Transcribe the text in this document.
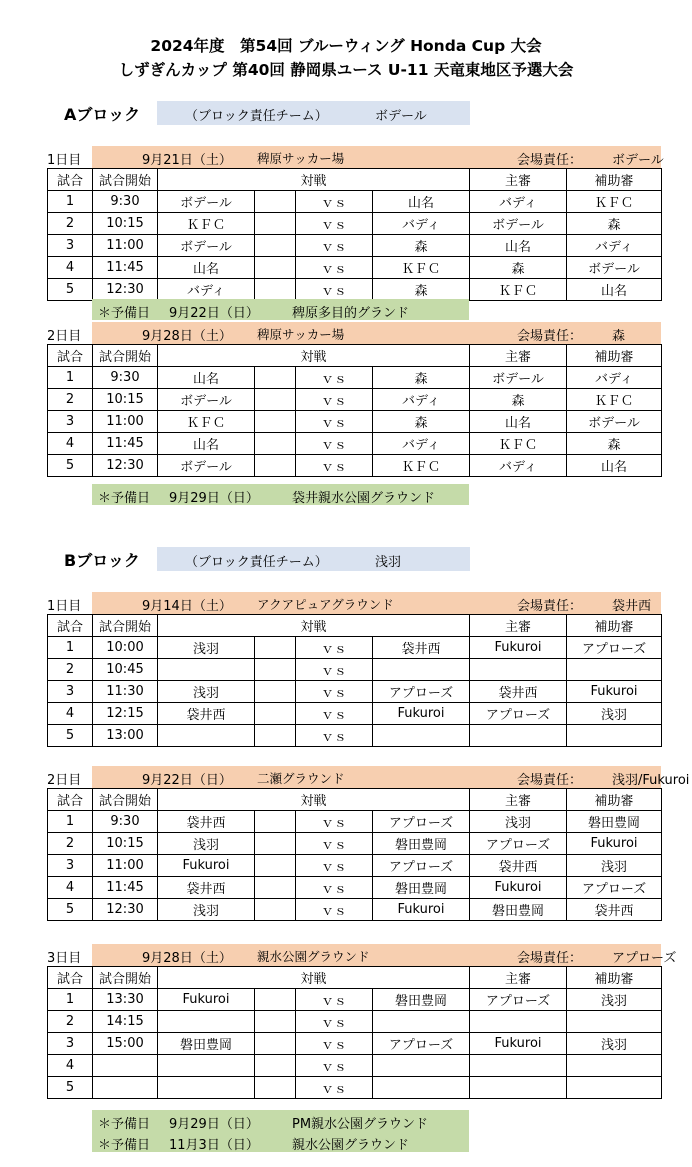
2024年度　第54回 ブルーウィング Honda Cup 大会
しずぎんカップ 第40回 静岡県ユース U-11 天竜東地区予選大会
Aブロック	（ブロック責任チーム）	ボデール
9月21日（土） 稗原サッカー場	会場責任： ボデール
1日目
試合	試合開始	対戦				主審	補助審
1	9:30	ボデール		ｖｓ	山名	バディ	ＫＦＣ
2	10:15	ＫＦＣ		ｖｓ	バディ	ボデール	森
3	11:00	ボデール		ｖｓ	森	山名	バディ
4	11:45	山名		ｖｓ	ＫＦＣ	森	ボデール
5	12:30	バディ		ｖｓ	森	ＫＦＣ	山名
＊予備日 9月22日（日）	稗原多目的グランド
9月28日（土） 稗原サッカー場	会場責任： 森
2日目
試合	試合開始	対戦				主審	補助審
1	9:30	山名		ｖｓ	森	ボデール	バディ
2	10:15	ボデール		ｖｓ	バディ	森	ＫＦＣ
3	11:00	ＫＦＣ		ｖｓ	森	山名	ボデール
4	11:45	山名		ｖｓ	バディ	ＫＦＣ	森
5	12:30	ボデール		ｖｓ	ＫＦＣ	バディ	山名
＊予備日 9月29日（日）	袋井親水公園グラウンド
Bブロック	（ブロック責任チーム）	浅羽
9月14日（土） アクアピュアグラウンド	会場責任： 袋井西
1日目
試合	試合開始	対戦				主審	補助審
1	10:00	浅羽		ｖｓ	袋井西	Fukuroi	アプローズ
2	10:45			ｖｓ			
3	11:30	浅羽		ｖｓ	アプローズ	袋井西	Fukuroi
4	12:15	袋井西		ｖｓ	Fukuroi	アプローズ	浅羽
5	13:00			ｖｓ			
9月22日（日） 二瀬グラウンド	会場責任： 浅羽/Fukuroi
2日目
試合	試合開始	対戦				主審	補助審
1	9:30	袋井西		ｖｓ	アプローズ	浅羽	磐田豊岡
2	10:15	浅羽		ｖｓ	磐田豊岡	アプローズ	Fukuroi
3	11:00	Fukuroi		ｖｓ	アプローズ	袋井西	浅羽
4	11:45	袋井西		ｖｓ	磐田豊岡	Fukuroi	アプローズ
5	12:30	浅羽		ｖｓ	Fukuroi	磐田豊岡	袋井西
9月28日（土） 親水公園グラウンド	会場責任： アプローズ
3日目
試合	試合開始	対戦				主審	補助審
1	13:30	Fukuroi		ｖｓ	磐田豊岡	アプローズ	浅羽
2	14:15			ｖｓ			
3	15:00	磐田豊岡		ｖｓ	アプローズ	Fukuroi	浅羽
4				ｖｓ			
5				ｖｓ			
＊予備日 9月29日（日）	PM親水公園グラウンド
＊予備日 11月3日（日）	親水公園グラウンド
